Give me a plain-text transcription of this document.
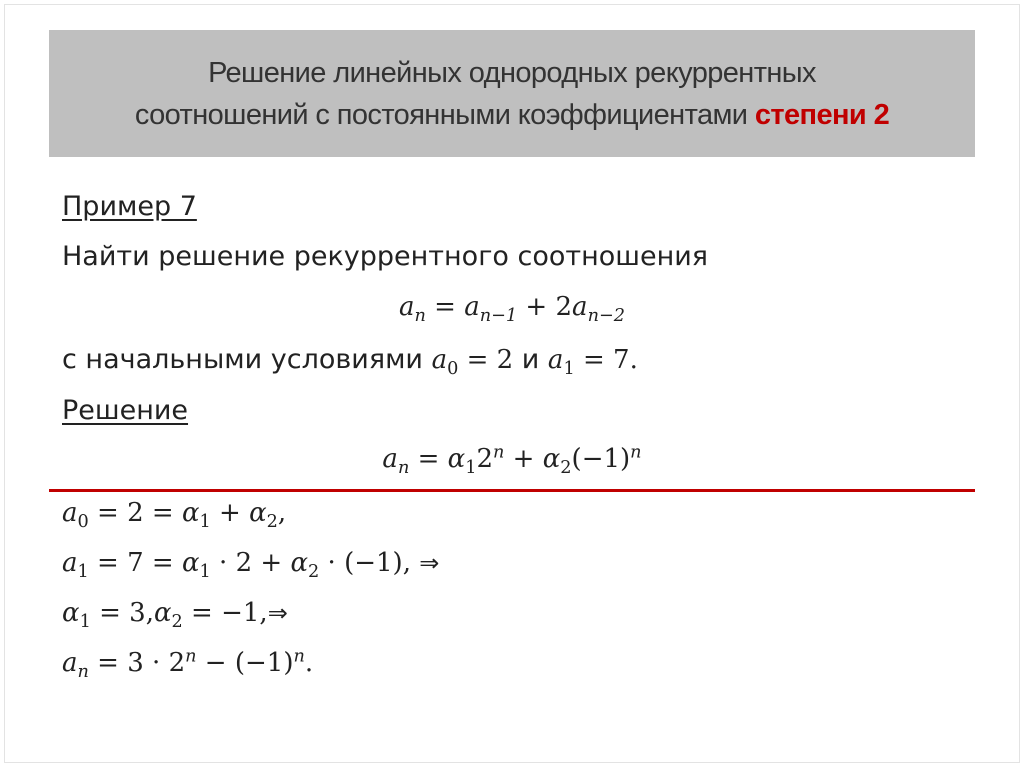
Решение линейных однородных рекуррентных
соотношений с постоянными коэффициентами степени 2
Пример 7
Найти решение рекуррентного соотношения
$a_n = a_{n-1} + 2a_{n-2}$
с начальными условиями $a_0 = 2$ и $a_1 = 7$.
Решение
$a_n = \alpha_12^n + \alpha_2(-1)^n$
$a_0 = 2 = \alpha_1 + \alpha_2$,
$a_1 = 7 = \alpha_1 \cdot 2 + \alpha_2 \cdot (-1)$, ⇒
$\alpha_1 = 3,\alpha_2$ = −1,⇒
$a_n = 3 \cdot 2^n - (-1)^n$.
